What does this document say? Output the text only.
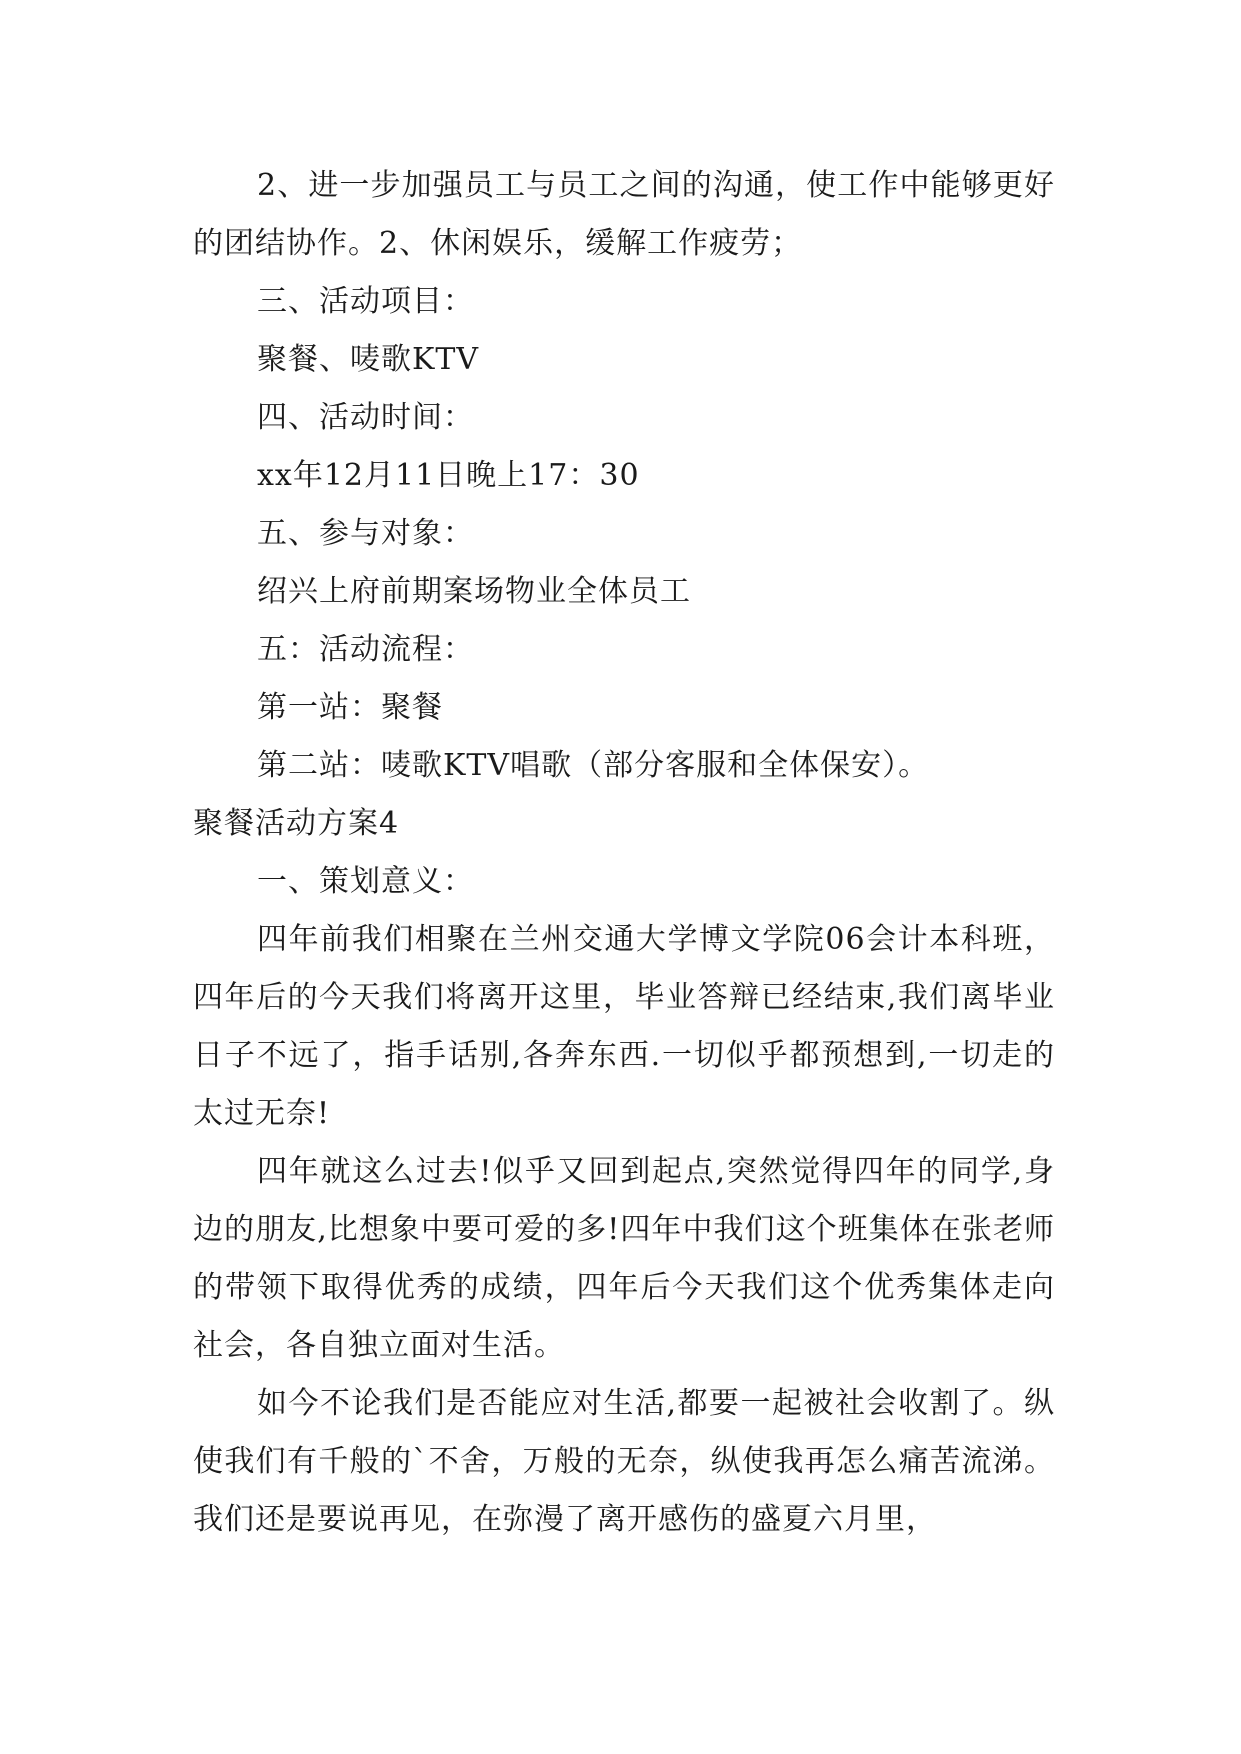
2、进一步加强员工与员工之间的沟通，使工作中能够更好的团结协作。2、休闲娱乐，缓解工作疲劳；

三、活动项目：

聚餐、唛歌KTV

四、活动时间：

xx年12月11日晚上17：30

五、参与对象：

绍兴上府前期案场物业全体员工

五：活动流程：

第一站：聚餐

第二站：唛歌KTV唱歌（部分客服和全体保安）。

聚餐活动方案4

一、策划意义：

四年前我们相聚在兰州交通大学博文学院06会计本科班，四年后的今天我们将离开这里，毕业答辩已经结束,我们离毕业日子不远了，指手话别,各奔东西.一切似乎都预想到,一切走的太过无奈!

四年就这么过去!似乎又回到起点,突然觉得四年的同学,身边的朋友,比想象中要可爱的多!四年中我们这个班集体在张老师的带领下取得优秀的成绩，四年后今天我们这个优秀集体走向社会，各自独立面对生活。

如今不论我们是否能应对生活,都要一起被社会收割了。纵使我们有千般的`不舍，万般的无奈，纵使我再怎么痛苦流涕。我们还是要说再见，在弥漫了离开感伤的盛夏六月里，
